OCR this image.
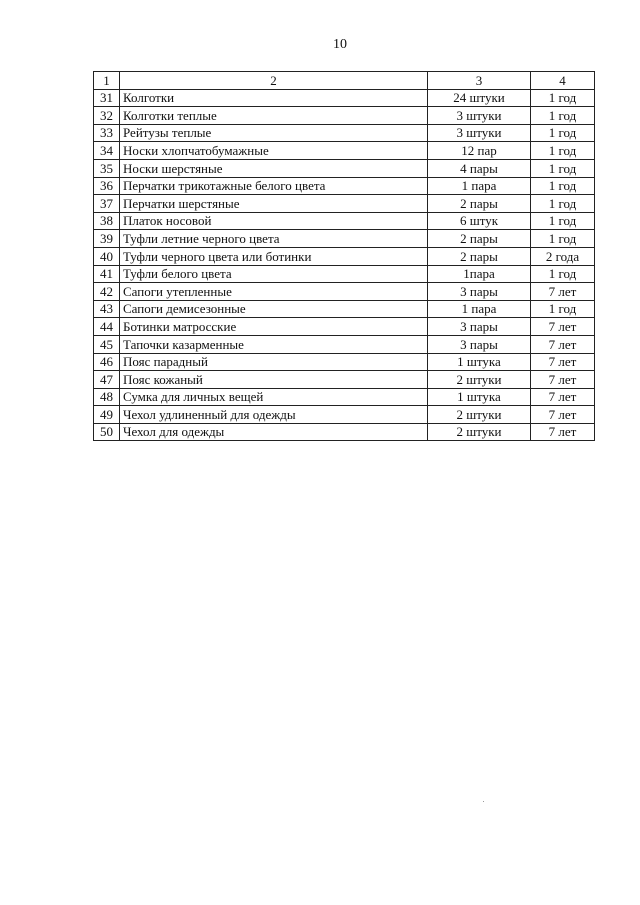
10
1	2	3	4
31	Колготки	24 штуки	1 год
32	Колготки теплые	3 штуки	1 год
33	Рейтузы теплые	3 штуки	1 год
34	Носки хлопчатобумажные	12 пар	1 год
35	Носки шерстяные	4 пары	1 год
36	Перчатки трикотажные белого цвета	1 пара	1 год
37	Перчатки шерстяные	2 пары	1 год
38	Платок носовой	6 штук	1 год
39	Туфли летние черного цвета	2 пары	1 год
40	Туфли черного цвета или ботинки	2 пары	2 года
41	Туфли белого цвета	1пара	1 год
42	Сапоги утепленные	3 пары	7 лет
43	Сапоги демисезонные	1 пара	1 год
44	Ботинки матросские	3 пары	7 лет
45	Тапочки казарменные	3 пары	7 лет
46	Пояс парадный	1 штука	7 лет
47	Пояс кожаный	2 штуки	7 лет
48	Сумка для личных вещей	1 штука	7 лет
49	Чехол удлиненный для одежды	2 штуки	7 лет
50	Чехол для одежды	2 штуки	7 лет
